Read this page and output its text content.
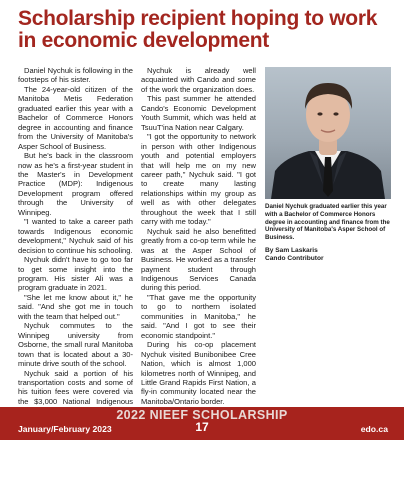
Scholarship recipient hoping to work in economic development

Daniel Nychuk is following in the footsteps of his sister.

The 24-year-old citizen of the Manitoba Metis Federation graduated earlier this year with a Bachelor of Commerce Honors degree in accounting and finance from the University of Manitoba's Asper School of Business.

But he's back in the classroom now as he's a first-year student in the Master's in Development Practice (MDP): Indigenous Development program offered through the University of Winnipeg.

"I wanted to take a career path towards Indigenous economic development," Nychuk said of his decision to continue his schooling.

Nychuk didn't have to go too far to get some insight into the program. His sister Ali was a program graduate in 2021.

"She let me know about it," he said. "And she got me in touch with the team that helped out."

Nychuk commutes to the Winnipeg university from Osborne, the small rural Manitoba town that is located about a 30-minute drive south of the school.

Nychuk said a portion of his transportation costs and some of his tuition fees were covered via the $3,000 National Indigenous

Nychuk is already well acquainted with Cando and some of the work the organization does.

This past summer he attended Cando's Economic Development Youth Summit, which was held at TsuuT'ina Nation near Calgary.

"I got the opportunity to network in person with other Indigenous youth and potential employers that will help me on my new career path," Nychuk said. "I got to create many lasting relationships within my group as well as with other delegates throughout the week that I still carry with me today."

Nychuk said he also benefitted greatly from a co-op term while he was at the Asper School of Business. He worked as a transfer payment student through Indigenous Services Canada during this period.

"That gave me the opportunity to go to northern isolated communities in Manitoba," he said. "And I got to see their economic standpoint."

During his co-op placement Nychuk visited Bunibonibee Cree Nation, which is almost 1,000 kilometres north of Winnipeg, and Little Grand Rapids First Nation, a fly-in community located near the Manitoba/Ontario border.

Daniel Nychuk graduated earlier this year with a Bachelor of Commerce Honors degree in accounting and finance from the University of Manitoba's Asper School of Business.

By Sam Laskaris
Cando Contributor
2022 NIEEF SCHOLARSHIP
January/February 2023	17	edo.ca
